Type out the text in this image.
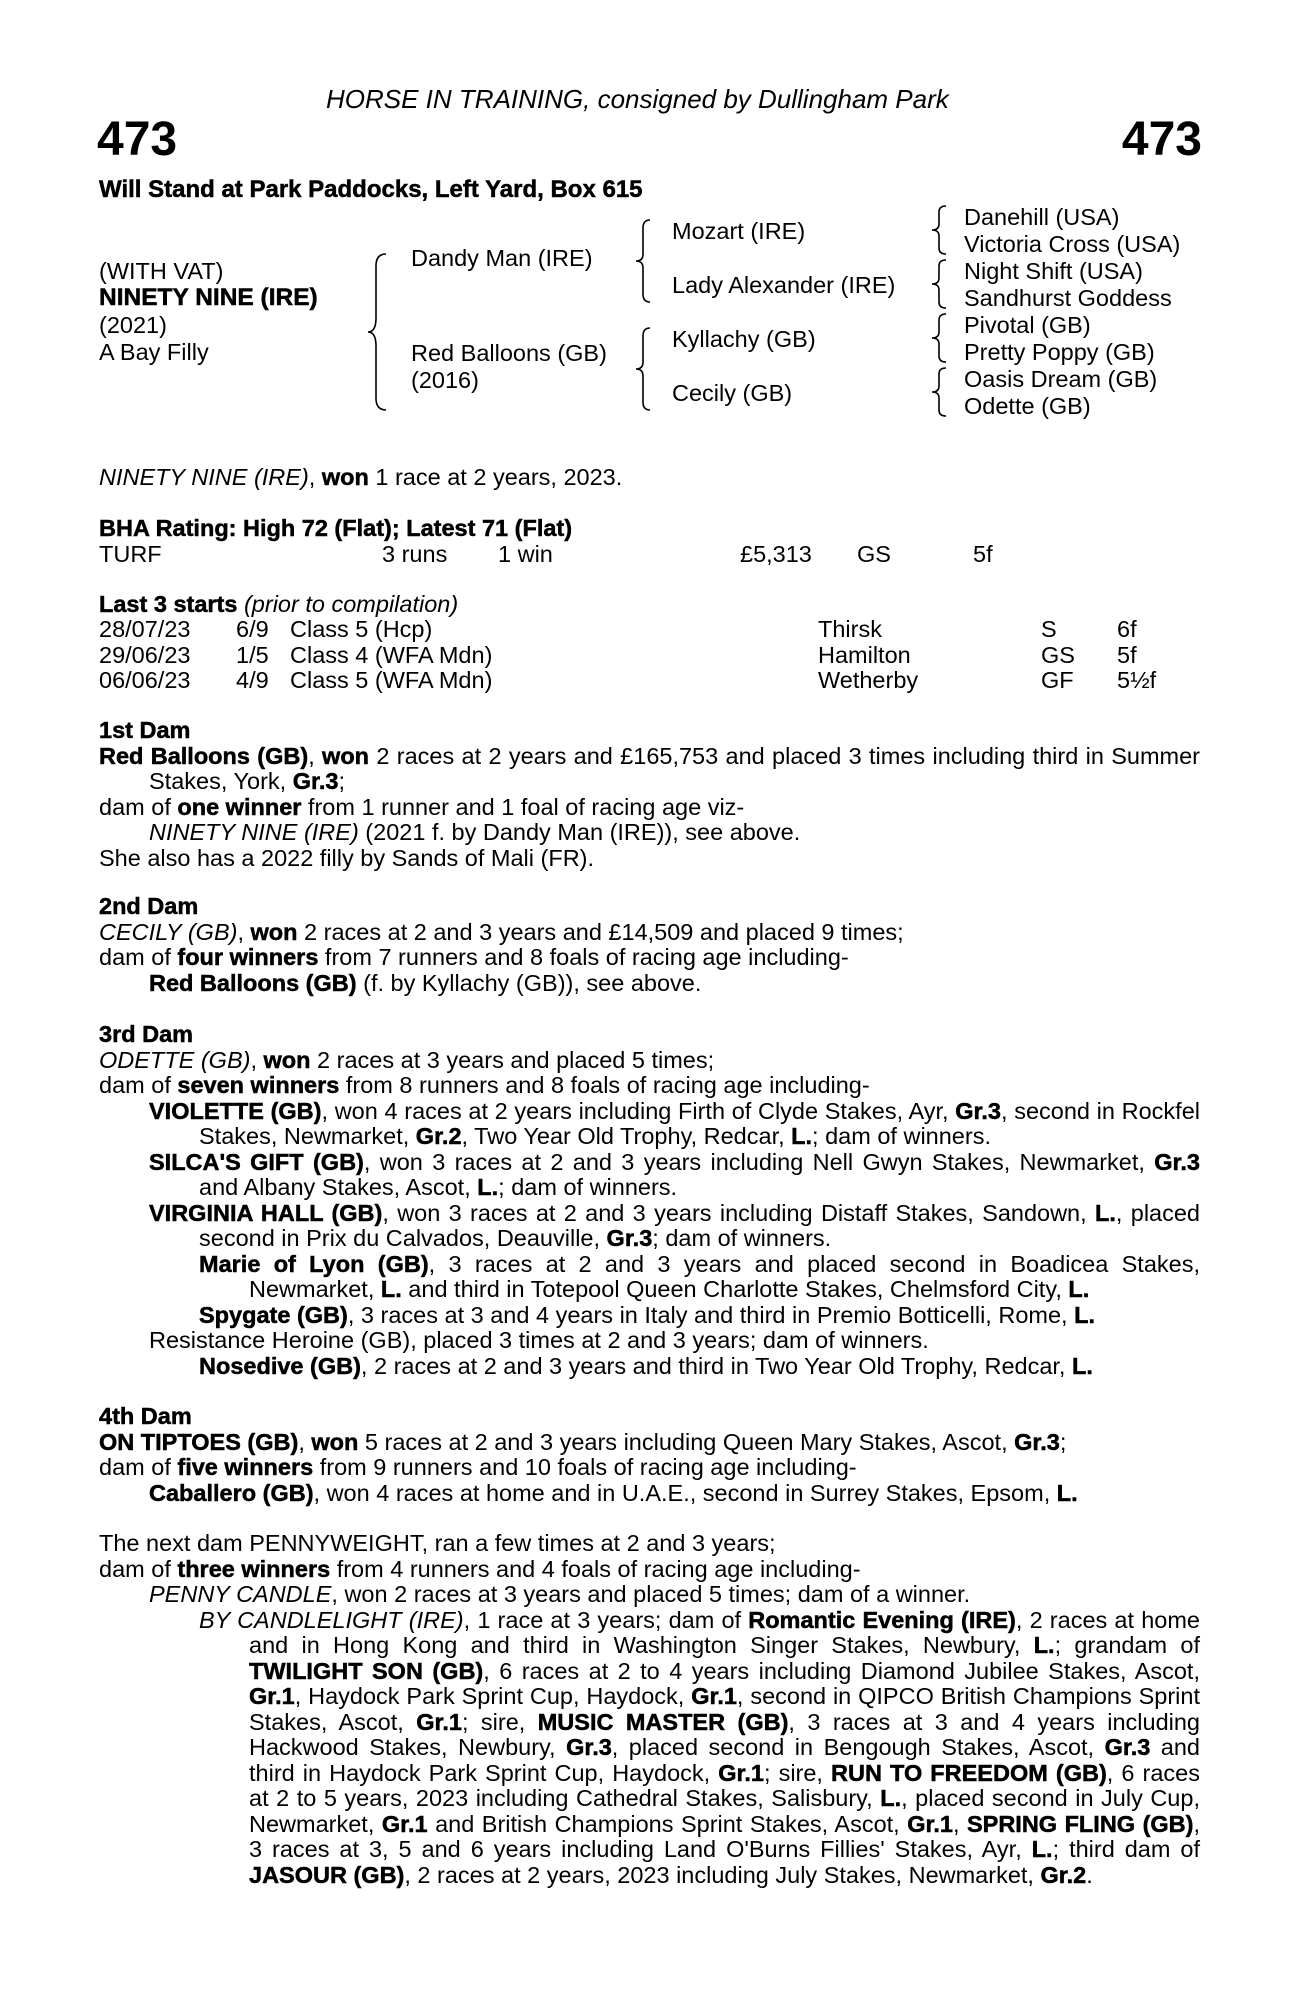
HORSE IN TRAINING, consigned by Dullingham Park
473	473
Will Stand at Park Paddocks, Left Yard, Box 615
(WITH VAT)
NINETY NINE (IRE)
(2021)
A Bay Filly
Dandy Man (IRE)
Red Balloons (GB)
(2016)
Mozart (IRE)
Lady Alexander (IRE)
Kyllachy (GB)
Cecily (GB)
Danehill (USA)
Victoria Cross (USA)
Night Shift (USA)
Sandhurst Goddess
Pivotal (GB)
Pretty Poppy (GB)
Oasis Dream (GB)
Odette (GB)
NINETY NINE (IRE), won 1 race at 2 years, 2023.
BHA Rating: High 72 (Flat); Latest 71 (Flat)
TURF	3 runs 1 win	£5,313 GS	5f
Last 3 starts (prior to compilation)
28/07/23	6/9	Class 5 (Hcp)	Thirsk	S	6f
29/06/23	1/5	Class 4 (WFA Mdn)	Hamilton	GS	5f
06/06/23	4/9	Class 5 (WFA Mdn)	Wetherby	GF	5½f
1st Dam
Red Balloons (GB), won 2 races at 2 years and £165,753 and placed 3 times including third in Summer Stakes, York, Gr.3;
dam of one winner from 1 runner and 1 foal of racing age viz-
NINETY NINE (IRE) (2021 f. by Dandy Man (IRE)), see above.
She also has a 2022 filly by Sands of Mali (FR).
2nd Dam
CECILY (GB), won 2 races at 2 and 3 years and £14,509 and placed 9 times;
dam of four winners from 7 runners and 8 foals of racing age including-
Red Balloons (GB) (f. by Kyllachy (GB)), see above.
3rd Dam
ODETTE (GB), won 2 races at 3 years and placed 5 times;
dam of seven winners from 8 runners and 8 foals of racing age including-
VIOLETTE (GB), won 4 races at 2 years including Firth of Clyde Stakes, Ayr, Gr.3, second in Rockfel Stakes, Newmarket, Gr.2, Two Year Old Trophy, Redcar, L.; dam of winners.
SILCA'S GIFT (GB), won 3 races at 2 and 3 years including Nell Gwyn Stakes, Newmarket, Gr.3 and Albany Stakes, Ascot, L.; dam of winners.
VIRGINIA HALL (GB), won 3 races at 2 and 3 years including Distaff Stakes, Sandown, L., placed second in Prix du Calvados, Deauville, Gr.3; dam of winners.
Marie of Lyon (GB), 3 races at 2 and 3 years and placed second in Boadicea Stakes, Newmarket, L. and third in Totepool Queen Charlotte Stakes, Chelmsford City, L.
Spygate (GB), 3 races at 3 and 4 years in Italy and third in Premio Botticelli, Rome, L.
Resistance Heroine (GB), placed 3 times at 2 and 3 years; dam of winners.
Nosedive (GB), 2 races at 2 and 3 years and third in Two Year Old Trophy, Redcar, L.
4th Dam
ON TIPTOES (GB), won 5 races at 2 and 3 years including Queen Mary Stakes, Ascot, Gr.3;
dam of five winners from 9 runners and 10 foals of racing age including-
Caballero (GB), won 4 races at home and in U.A.E., second in Surrey Stakes, Epsom, L.
The next dam PENNYWEIGHT, ran a few times at 2 and 3 years;
dam of three winners from 4 runners and 4 foals of racing age including-
PENNY CANDLE, won 2 races at 3 years and placed 5 times; dam of a winner.
BY CANDLELIGHT (IRE), 1 race at 3 years; dam of Romantic Evening (IRE), 2 races at home and in Hong Kong and third in Washington Singer Stakes, Newbury, L.; grandam of TWILIGHT SON (GB), 6 races at 2 to 4 years including Diamond Jubilee Stakes, Ascot, Gr.1, Haydock Park Sprint Cup, Haydock, Gr.1, second in QIPCO British Champions Sprint Stakes, Ascot, Gr.1; sire, MUSIC MASTER (GB), 3 races at 3 and 4 years including Hackwood Stakes, Newbury, Gr.3, placed second in Bengough Stakes, Ascot, Gr.3 and third in Haydock Park Sprint Cup, Haydock, Gr.1; sire, RUN TO FREEDOM (GB), 6 races at 2 to 5 years, 2023 including Cathedral Stakes, Salisbury, L., placed second in July Cup, Newmarket, Gr.1 and British Champions Sprint Stakes, Ascot, Gr.1, SPRING FLING (GB), 3 races at 3, 5 and 6 years including Land O'Burns Fillies' Stakes, Ayr, L.; third dam of JASOUR (GB), 2 races at 2 years, 2023 including July Stakes, Newmarket, Gr.2.
